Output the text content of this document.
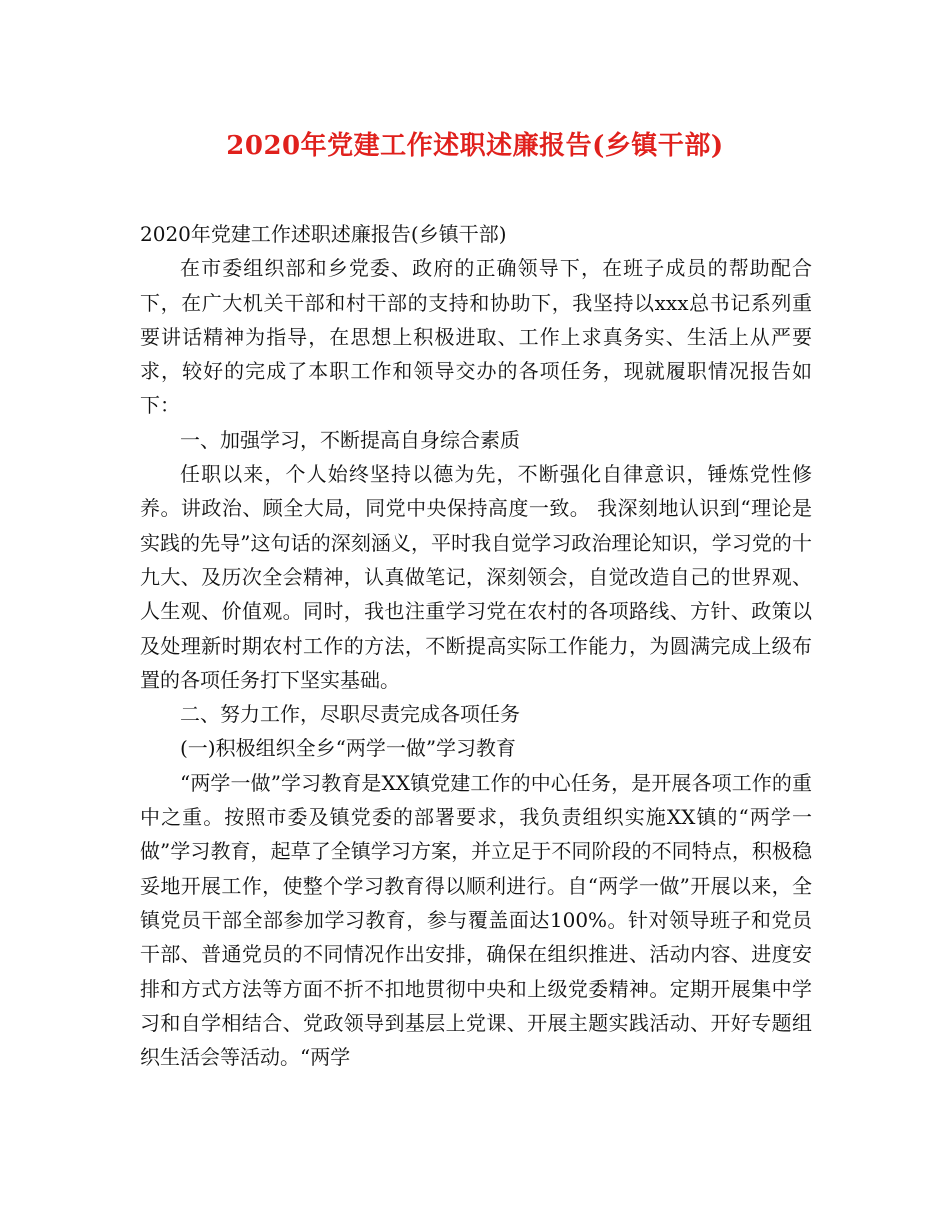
2020年党建工作述职述廉报告(乡镇干部)

2020年党建工作述职述廉报告(乡镇干部)

在市委组织部和乡党委、政府的正确领导下，在班子成员的帮助配合下，在广大机关干部和村干部的支持和协助下，我坚持以xxx总书记系列重要讲话精神为指导，在思想上积极进取、工作上求真务实、生活上从严要求，较好的完成了本职工作和领导交办的各项任务，现就履职情况报告如下：

一、加强学习，不断提高自身综合素质

任职以来，个人始终坚持以德为先，不断强化自律意识，锤炼党性修养。讲政治、顾全大局，同党中央保持高度一致。 我深刻地认识到“理论是实践的先导”这句话的深刻涵义，平时我自觉学习政治理论知识，学习党的十九大、及历次全会精神，认真做笔记，深刻领会，自觉改造自己的世界观、人生观、价值观。同时，我也注重学习党在农村的各项路线、方针、政策以及处理新时期农村工作的方法，不断提高实际工作能力，为圆满完成上级布置的各项任务打下坚实基础。

二、努力工作，尽职尽责完成各项任务

(一)积极组织全乡“两学一做”学习教育

“两学一做”学习教育是XX镇党建工作的中心任务，是开展各项工作的重中之重。按照市委及镇党委的部署要求，我负责组织实施XX镇的“两学一做”学习教育，起草了全镇学习方案，并立足于不同阶段的不同特点，积极稳妥地开展工作，使整个学习教育得以顺利进行。自“两学一做”开展以来，全镇党员干部全部参加学习教育，参与覆盖面达100%。针对领导班子和党员干部、普通党员的不同情况作出安排，确保在组织推进、活动内容、进度安排和方式方法等方面不折不扣地贯彻中央和上级党委精神。定期开展集中学习和自学相结合、党政领导到基层上党课、开展主题实践活动、开好专题组织生活会等活动。“两学
